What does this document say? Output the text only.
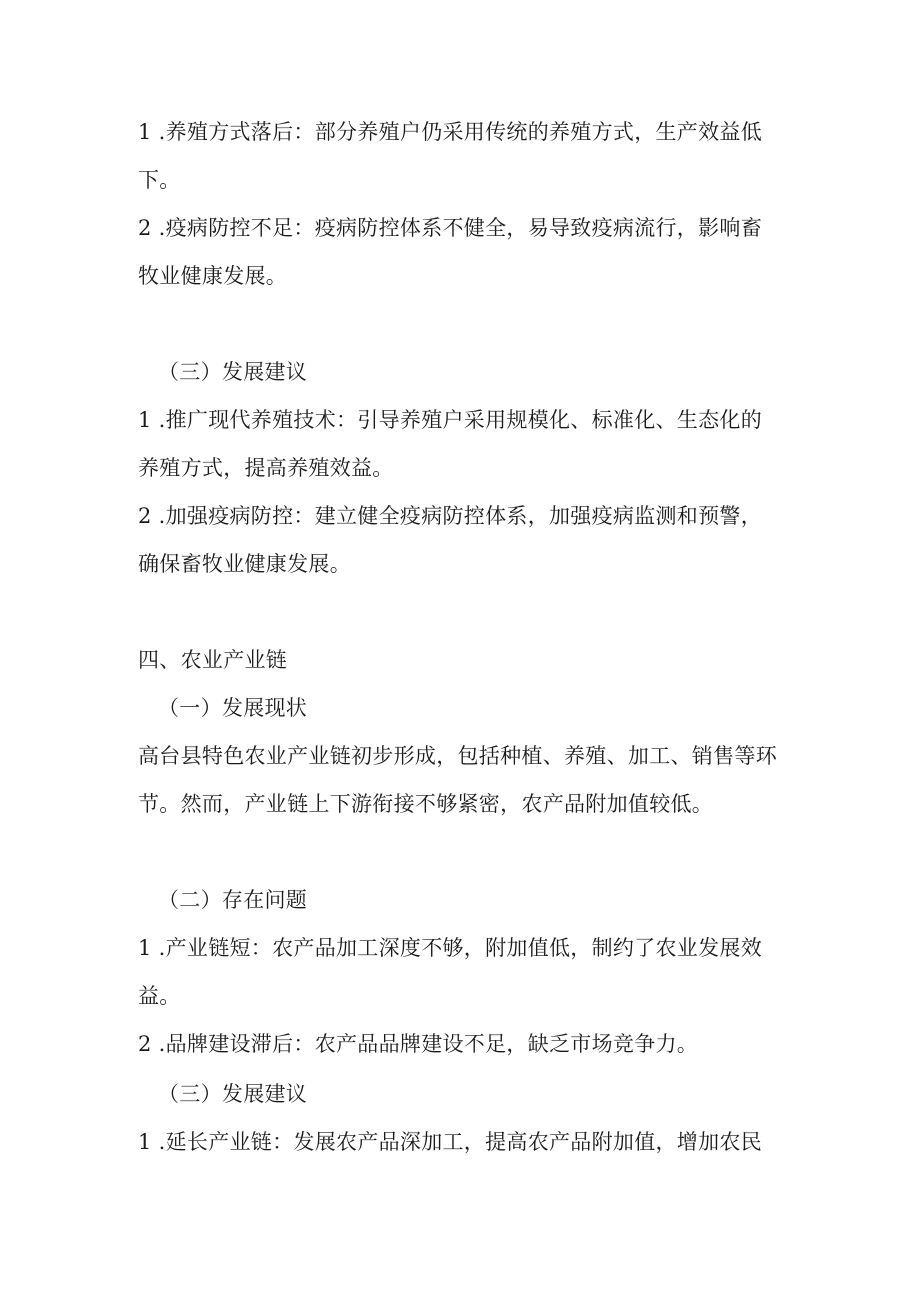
1 .养殖方式落后：部分养殖户仍采用传统的养殖方式，生产效益低
下。
2 .疫病防控不足：疫病防控体系不健全，易导致疫病流行，影响畜
牧业健康发展。
（三）发展建议
1 .推广现代养殖技术：引导养殖户采用规模化、标准化、生态化的
养殖方式，提高养殖效益。
2 .加强疫病防控：建立健全疫病防控体系，加强疫病监测和预警，
确保畜牧业健康发展。
四、农业产业链
（一）发展现状
高台县特色农业产业链初步形成，包括种植、养殖、加工、销售等环
节。然而，产业链上下游衔接不够紧密，农产品附加值较低。
（二）存在问题
1 .产业链短：农产品加工深度不够，附加值低，制约了农业发展效
益。
2 .品牌建设滞后：农产品品牌建设不足，缺乏市场竞争力。
（三）发展建议
1 .延长产业链：发展农产品深加工，提高农产品附加值，增加农民
